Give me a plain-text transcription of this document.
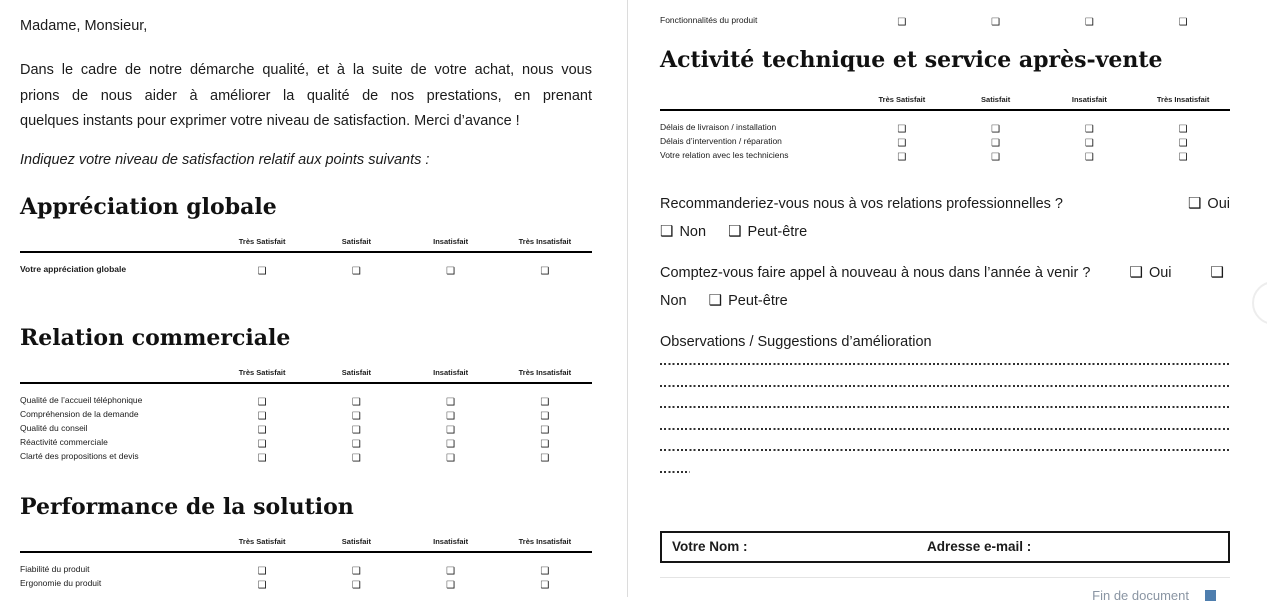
Madame, Monsieur,
Dans le cadre de notre démarche qualité, et à la suite de votre achat, nous vous
prions de nous aider à améliorer la qualité de nos prestations, en prenant
quelques instants pour exprimer votre niveau de satisfaction. Merci d’avance !
Indiquez votre niveau de satisfaction relatif aux points suivants :
Appréciation globale
Très Satisfait	Satisfait	Insatisfait	Très Insatisfait
Votre appréciation globale	❑	❑	❑	❑
Relation commerciale
Très Satisfait	Satisfait	Insatisfait	Très Insatisfait
Qualité de l’accueil téléphonique	❑	❑	❑	❑
Compréhension de la demande	❑	❑	❑	❑
Qualité du conseil	❑	❑	❑	❑
Réactivité commerciale	❑	❑	❑	❑
Clarté des propositions et devis	❑	❑	❑	❑
Performance de la solution
Très Satisfait	Satisfait	Insatisfait	Très Insatisfait
Fiabilité du produit	❑	❑	❑	❑
Ergonomie du produit	❑	❑	❑	❑
Fonctionnalités du produit	❑	❑	❑	❑
Activité technique et service après-vente
Très Satisfait	Satisfait	Insatisfait	Très Insatisfait
Délais de livraison / installation	❑	❑	❑	❑
Délais d’intervention / réparation	❑	❑	❑	❑
Votre relation avec les techniciens	❑	❑	❑	❑
Recommanderiez-vous nous à vos relations professionnelles ?	❑ Oui
❑ Non ❑ Peut-être
Comptez-vous faire appel à nouveau à nous dans l’année à venir ?	❑ Oui	❑
Non ❑ Peut-être
Observations / Suggestions d’amélioration
Votre Nom :	Adresse e-mail :
Fin de document
